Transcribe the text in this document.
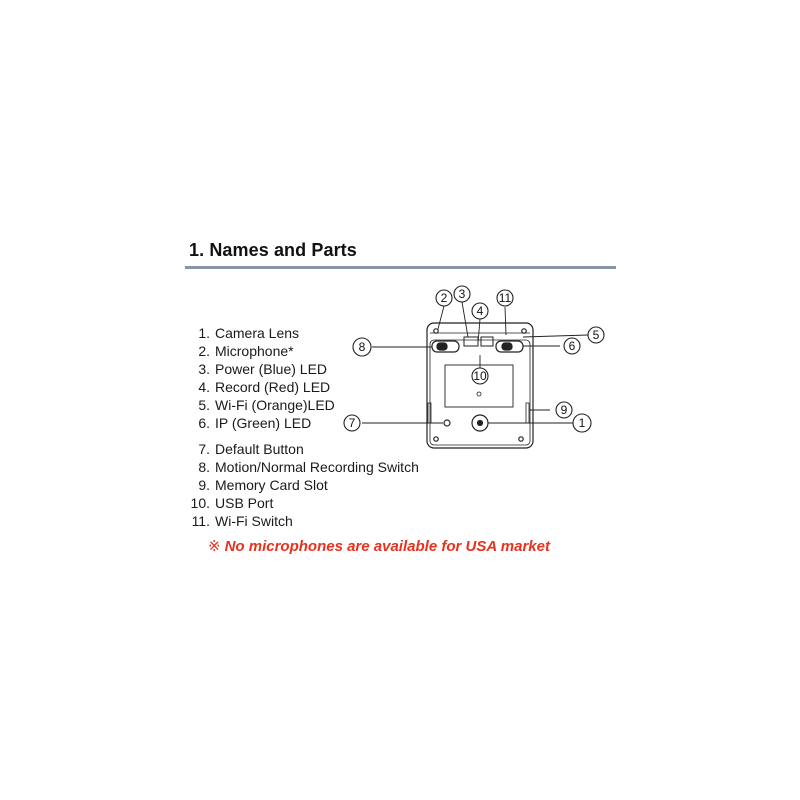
1. Names and Parts
1. Camera Lens
2. Microphone*
3. Power (Blue) LED
4. Record (Red) LED
5. Wi-Fi (Orange)LED
6. IP (Green) LED
7. Default Button
8. Motion/Normal Recording Switch
9. Memory Card Slot
10. USB Port
11. Wi-Fi Switch
※ No microphones are available for USA market
2 3
4
11
5
6
8
10
9
7	1
